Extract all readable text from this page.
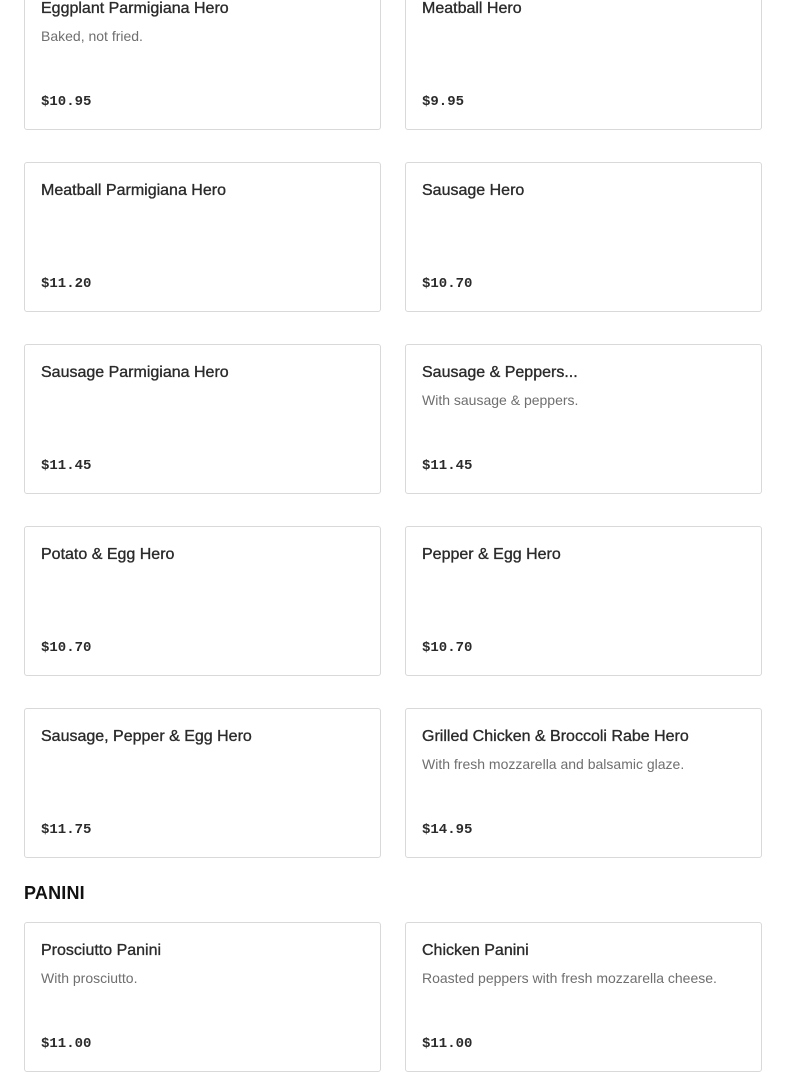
Eggplant Parmigiana Hero
Baked, not fried.
$10.95
Meatball Hero
$9.95
Meatball Parmigiana Hero
$11.20
Sausage Hero
$10.70
Sausage Parmigiana Hero
$11.45
Sausage & Peppers...
With sausage & peppers.
$11.45
Potato & Egg Hero
$10.70
Pepper & Egg Hero
$10.70
Sausage, Pepper & Egg Hero
$11.75
Grilled Chicken & Broccoli Rabe Hero
With fresh mozzarella and balsamic glaze.
$14.95
PANINI
Prosciutto Panini
With prosciutto.
$11.00
Chicken Panini
Roasted peppers with fresh mozzarella cheese.
$11.00
